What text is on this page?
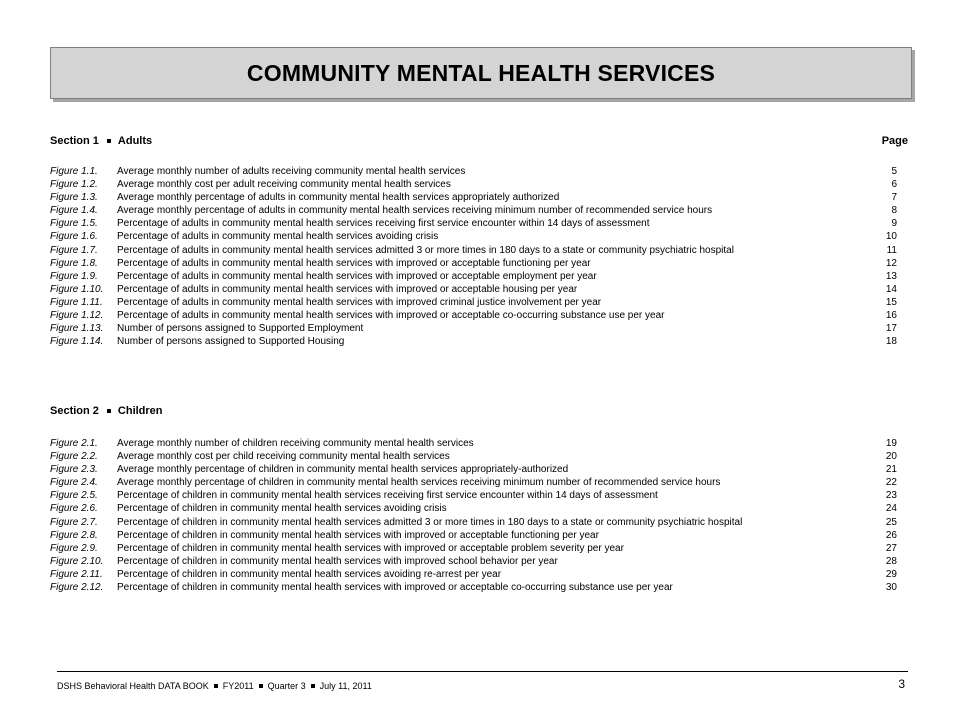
COMMUNITY MENTAL HEALTH SERVICES
Section 1 Adults	Page
Figure 1.1. Average monthly number of adults receiving community mental health services	5
Figure 1.2. Average monthly cost per adult receiving community mental health services	6
Figure 1.3. Average monthly percentage of adults in community mental health services appropriately authorized	7
Figure 1.4. Average monthly percentage of adults in community mental health services receiving minimum number of recommended service hours	8
Figure 1.5. Percentage of adults in community mental health services receiving first service encounter within 14 days of assessment	9
Figure 1.6. Percentage of adults in community mental health services avoiding crisis	10
Figure 1.7. Percentage of adults in community mental health services admitted 3 or more times in 180 days to a state or community psychiatric hospital	11
Figure 1.8. Percentage of adults in community mental health services with improved or acceptable functioning per year	12
Figure 1.9. Percentage of adults in community mental health services with improved or acceptable employment per year	13
Figure 1.10. Percentage of adults in community mental health services with improved or acceptable housing per year	14
Figure 1.11. Percentage of adults in community mental health services with improved criminal justice involvement per year	15
Figure 1.12. Percentage of adults in community mental health services with improved or acceptable co-occurring substance use per year	16
Figure 1.13. Number of persons assigned to Supported Employment	17
Figure 1.14. Number of persons assigned to Supported Housing	18
Section 2 Children
Figure 2.1. Average monthly number of children receiving community mental health services	19
Figure 2.2. Average monthly cost per child receiving community mental health services	20
Figure 2.3. Average monthly percentage of children in community mental health services appropriately-authorized	21
Figure 2.4. Average monthly percentage of children in community mental health services receiving minimum number of recommended service hours	22
Figure 2.5. Percentage of children in community mental health services receiving first service encounter within 14 days of assessment	23
Figure 2.6. Percentage of children in community mental health services avoiding crisis	24
Figure 2.7. Percentage of children in community mental health services admitted 3 or more times in 180 days to a state or community psychiatric hospital	25
Figure 2.8. Percentage of children in community mental health services with improved or acceptable functioning per year	26
Figure 2.9. Percentage of children in community mental health services with improved or acceptable problem severity per year	27
Figure 2.10. Percentage of children in community mental health services with improved school behavior per year	28
Figure 2.11. Percentage of children in community mental health services avoiding re-arrest per year	29
Figure 2.12. Percentage of children in community mental health services with improved or acceptable co-occurring substance use per year	30
DSHS Behavioral Health DATA BOOK FY2011 Quarter 3 July 11, 2011	3
